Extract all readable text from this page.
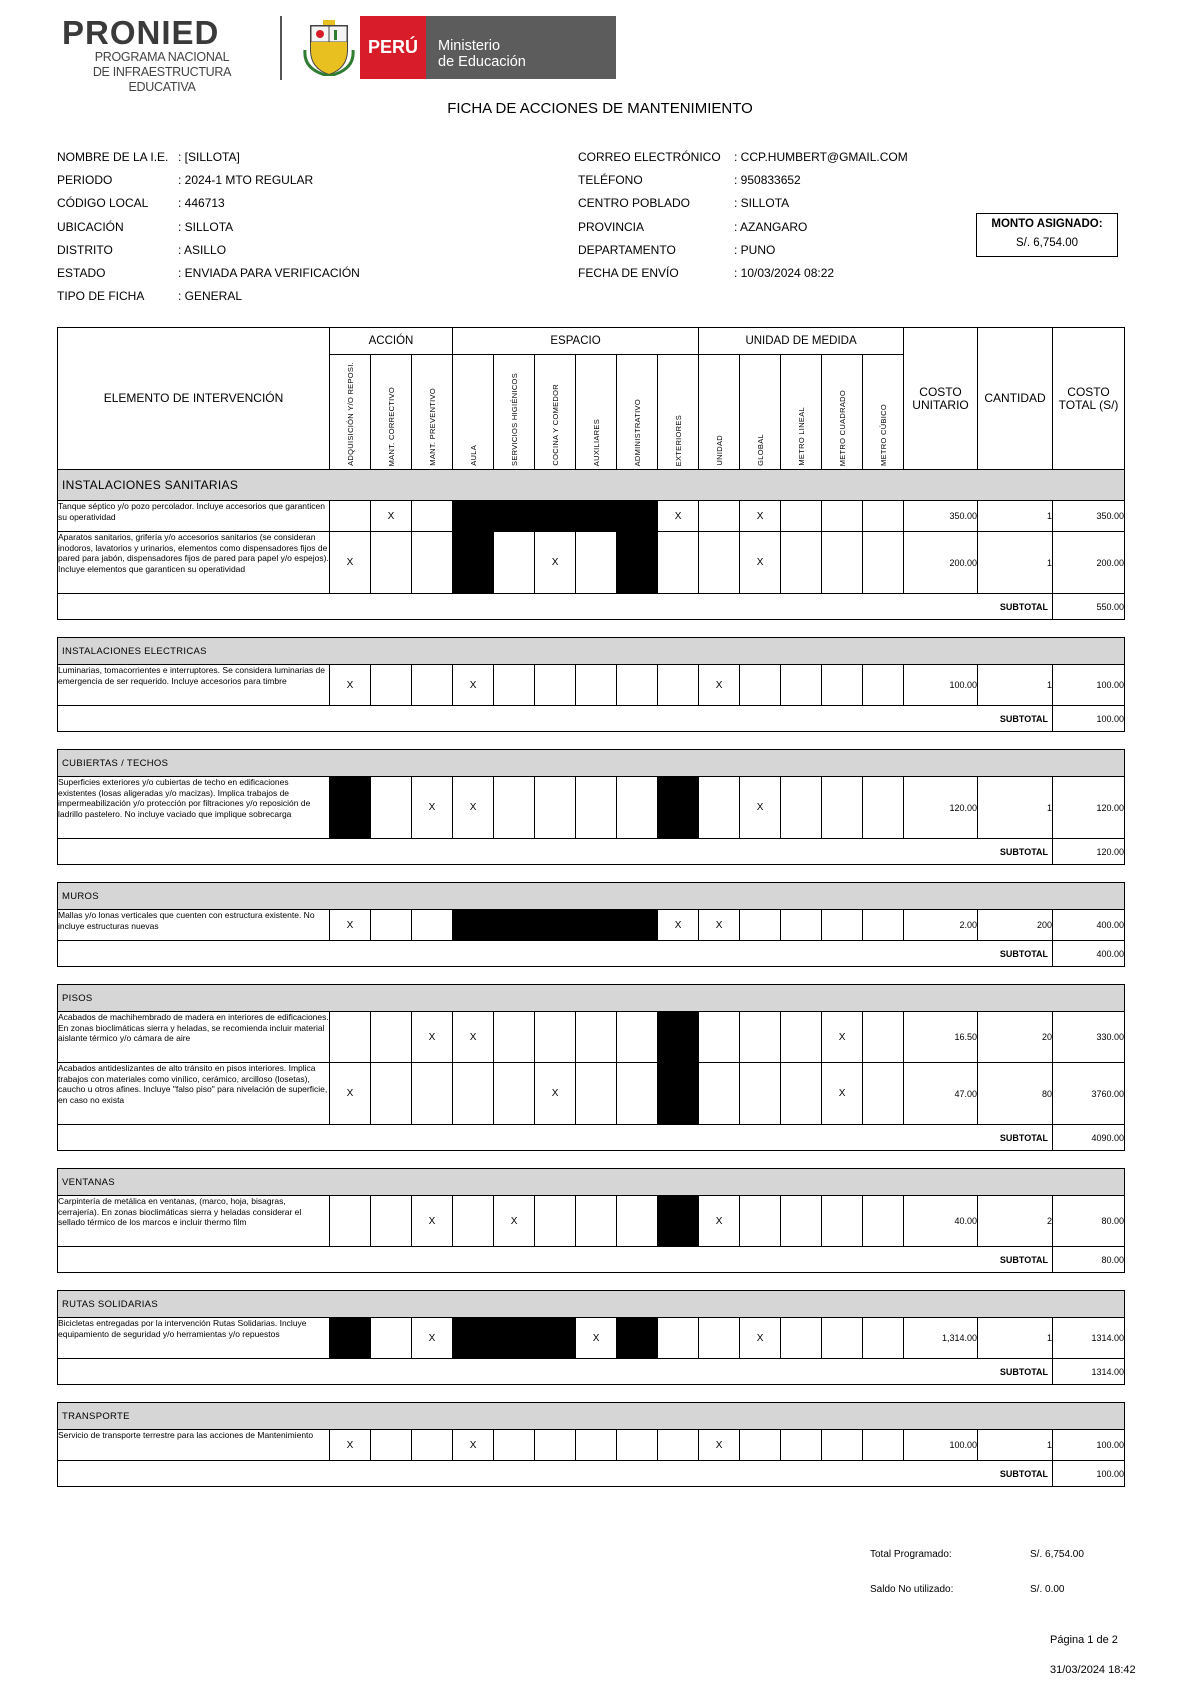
PRONIED
PROGRAMA NACIONAL
DE INFRAESTRUCTURA EDUCATIVA
PERÚ	Ministerio
de Educación
FICHA DE ACCIONES DE MANTENIMIENTO
NOMBRE DE LA I.E. : [SILLOTA]
PERIODO	: 2024-1 MTO REGULAR
CÓDIGO LOCAL	: 446713
UBICACIÓN	: SILLOTA
DISTRITO	: ASILLO
ESTADO	: ENVIADA PARA VERIFICACIÓN
TIPO DE FICHA	: GENERAL
CORREO ELECTRÓNICO	: CCP.HUMBERT@GMAIL.COM
TELÉFONO	: 950833652
CENTRO POBLADO	: SILLOTA
PROVINCIA	: AZANGARO
DEPARTAMENTO	: PUNO
FECHA DE ENVÍO	: 10/03/2024 08:22
MONTO ASIGNADO:
S/. 6,754.00
ELEMENTO DE INTERVENCIÓN	ACCIÓN			ESPACIO						UNIDAD DE MEDIDA					COSTO UNITARIO	CANTIDAD	COSTO TOTAL (S/)
	ADQUISICIÓN Y/O REPOSI.	MANT. CORRECTIVO	MANT. PREVENTIVO	AULA	SERVICIOS HIGIÉNICOS	COCINA Y COMEDOR	AUXILIARES	ADMINISTRATIVO	EXTERIORES	UNIDAD	GLOBAL	METRO LINEAL	METRO CUADRADO	METRO CÚBICO			
INSTALACIONES SANITARIAS																	
Tanque séptico y/o pozo percolador. Incluye accesorios que garanticen su operatividad		X							X		X				350.00	1	350.00
Aparatos sanitarios, grifería y/o accesorios sanitarios (se consideran inodoros, lavatorios y urinarios, elementos como dispensadores fijos de pared para jabón, dispensadores fijos de pared para papel y/o espejos). Incluye elementos que garanticen su operatividad	X					X					X				200.00	1	200.00
																SUBTOTAL	550.00

INSTALACIONES ELECTRICAS																	
Luminarias, tomacorrientes e interruptores. Se considera luminarias de emergencia de ser requerido. Incluye accesorios para timbre	X			X						X					100.00	1	100.00
																SUBTOTAL	100.00

CUBIERTAS / TECHOS																	
Superficies exteriores y/o cubiertas de techo en edificaciones existentes (losas aligeradas y/o macizas). Implica trabajos de impermeabilización y/o protección por filtraciones y/o reposición de ladrillo pastelero. No incluye vaciado que implique sobrecarga			X	X							X				120.00	1	120.00
																SUBTOTAL	120.00

MUROS																	
Mallas y/o lonas verticales que cuenten con estructura existente. No incluye estructuras nuevas	X								X	X					2.00	200	400.00
																SUBTOTAL	400.00

PISOS																	
Acabados de machihembrado de madera en interiores de edificaciones. En zonas bioclimáticas sierra y heladas, se recomienda incluir material aislante térmico y/o cámara de aire			X	X									X		16.50	20	330.00
Acabados antideslizantes de alto tránsito en pisos interiores. Implica trabajos con materiales como vinílico, cerámico, arcilloso (losetas), caucho u otros afines. Incluye "falso piso" para nivelación de superficie, en caso no exista	X					X							X		47.00	80	3760.00
																SUBTOTAL	4090.00

VENTANAS																	
Carpintería de metálica en ventanas, (marco, hoja, bisagras, cerrajería). En zonas bioclimáticas sierra y heladas considerar el sellado térmico de los marcos e incluir thermo film			X		X					X					40.00	2	80.00
																SUBTOTAL	80.00

RUTAS SOLIDARIAS																	
Bicicletas entregadas por la intervención Rutas Solidarias. Incluye equipamiento de seguridad y/o herramientas y/o repuestos			X				X				X				1,314.00	1	1314.00
																SUBTOTAL	1314.00

TRANSPORTE																	
Servicio de transporte terrestre para las acciones de Mantenimiento	X			X						X					100.00	1	100.00
																SUBTOTAL	100.00
Total Programado:	S/. 6,754.00
Saldo No utilizado:	S/. 0.00
Página 1 de 2
31/03/2024 18:42
